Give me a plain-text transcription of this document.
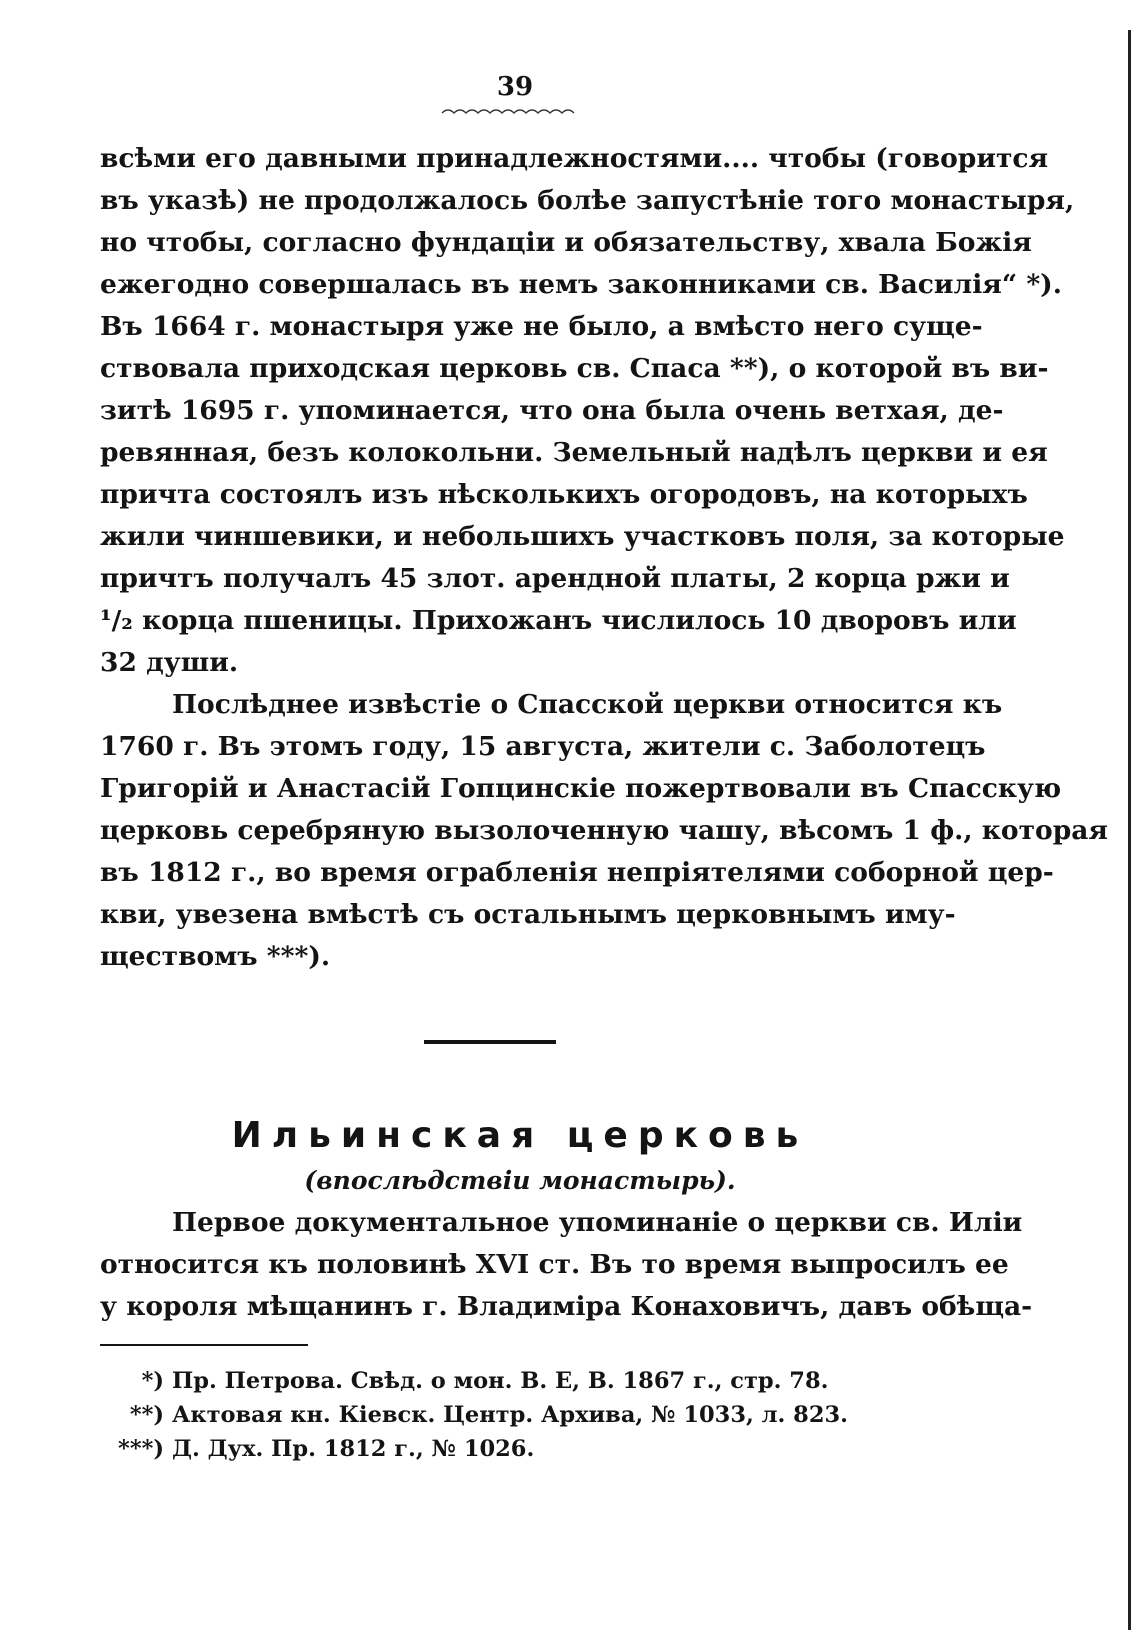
39
всѣми его давными принадлежностями.... чтобы (говорится
въ указѣ) не продолжалось болѣе запустѣніе того монастыря,
но чтобы, согласно фундаціи и обязательству, хвала Божія
ежегодно совершалась въ немъ законниками св. Василія“ *).
Въ 1664 г. монастыря уже не было, а вмѣсто него суще-
ствовала приходская церковь св. Спаса **), о которой въ ви-
зитѣ 1695 г. упоминается, что она была очень ветхая, де-
ревянная, безъ колокольни. Земельный надѣлъ церкви и ея
причта состоялъ изъ нѣсколькихъ огородовъ, на которыхъ
жили чиншевики, и небольшихъ участковъ поля, за которые
причтъ получалъ 45 злот. арендной платы, 2 корца ржи и
¹/₂ корца пшеницы. Прихожанъ числилось 10 дворовъ или
32 души.
Послѣднее извѣстіе о Спасской церкви относится къ
1760 г. Въ этомъ году, 15 августа, жители с. Заболотецъ
Григорій и Анастасій Гопцинскіе пожертвовали въ Спасскую
церковь серебряную вызолоченную чашу, вѣсомъ 1 ф., которая
въ 1812 г., во время ограбленія непріятелями соборной цер-
кви, увезена вмѣстѣ съ остальнымъ церковнымъ иму-
ществомъ ***).
Ильинская церковь
(впослѣдствіи монастырь).
Первое документальное упоминаніе о церкви св. Иліи
относится къ половинѣ XVI ст. Въ то время выпросилъ ее
у короля мѣщанинъ г. Владиміра Конаховичъ, давъ обѣща-
*) Пр. Петрова. Свѣд. о мон. В. Е, В. 1867 г., стр. 78.
**) Актовая кн. Кіевск. Центр. Архива, № 1033, л. 823.
***) Д. Дух. Пр. 1812 г., № 1026.
